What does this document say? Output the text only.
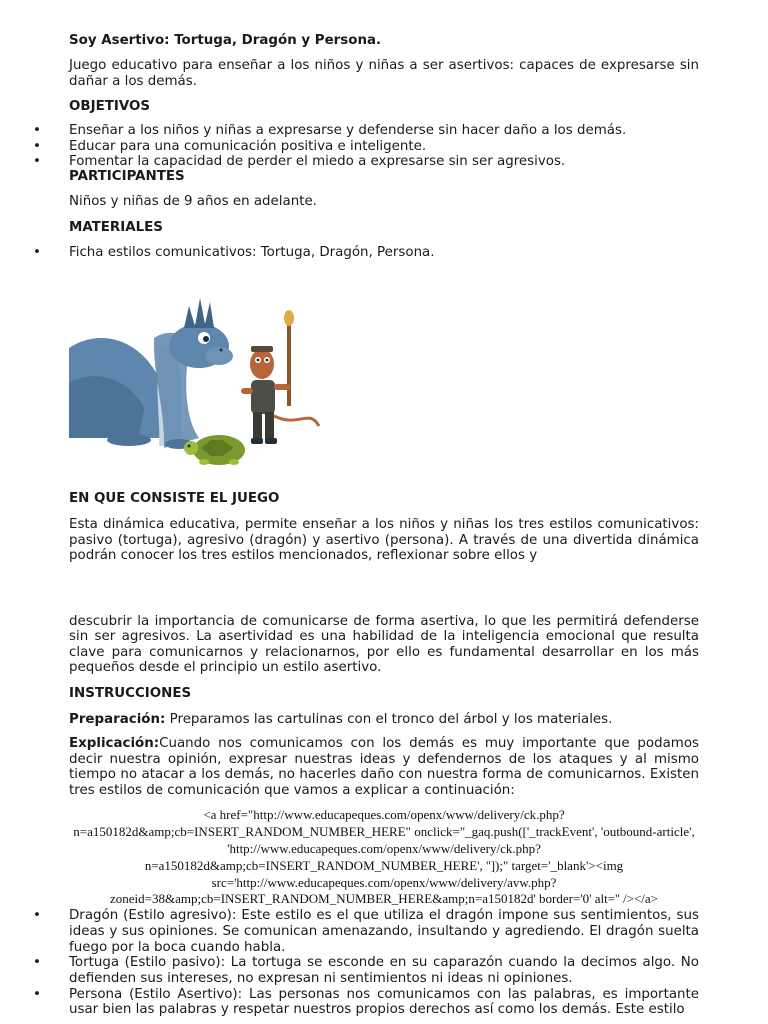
Soy Asertivo: Tortuga, Dragón y Persona.

Juego educativo para enseñar a los niños y niñas a ser asertivos: capaces de expresarse sin dañar a los demás.

OBJETIVOS

• Enseñar a los niños y niñas a expresarse y defenderse sin hacer daño a los demás.
• Educar para una comunicación positiva e inteligente.
• Fomentar la capacidad de perder el miedo a expresarse sin ser agresivos.

PARTICIPANTES

Niños y niñas de 9 años en adelante.

MATERIALES

• Ficha estilos comunicativos: Tortuga, Dragón, Persona.

EN QUE CONSISTE EL JUEGO

Esta dinámica educativa, permite enseñar a los niños y niñas los tres estilos comunicativos: pasivo (tortuga), agresivo (dragón) y asertivo (persona). A través de una divertida dinámica podrán conocer los tres estilos mencionados, reflexionar sobre ellos y

descubrir la importancia de comunicarse de forma asertiva, lo que les permitirá defenderse sin ser agresivos. La asertividad es una habilidad de la inteligencia emocional que resulta clave para comunicarnos y relacionarnos, por ello es fundamental desarrollar en los más pequeños desde el principio un estilo asertivo.

INSTRUCCIONES

Preparación: Preparamos las cartulinas con el tronco del árbol y los materiales.

Explicación:Cuando nos comunicamos con los demás es muy importante que podamos decir nuestra opinión, expresar nuestras ideas y defendernos de los ataques y al mismo tiempo no atacar a los demás, no hacerles daño con nuestra forma de comunicarnos. Existen tres estilos de comunicación que vamos a explicar a continuación:

<a href="http://www.educapeques.com/openx/www/delivery/ck.php?n=a150182d&amp;cb=INSERT_RANDOM_NUMBER_HERE" onclick="_gaq.push(['_trackEvent', 'outbound-article', 'http://www.educapeques.com/openx/www/delivery/ck.php?n=a150182d&amp;cb=INSERT_RANDOM_NUMBER_HERE', '']);" target='_blank'><img src='http://www.educapeques.com/openx/www/delivery/avw.php?zoneid=38&amp;cb=INSERT_RANDOM_NUMBER_HERE&amp;n=a150182d' border='0' alt='' /></a>

• Dragón (Estilo agresivo): Este estilo es el que utiliza el dragón impone sus sentimientos, sus ideas y sus opiniones. Se comunican amenazando, insultando y agrediendo. El dragón suelta fuego por la boca cuando habla.
• Tortuga (Estilo pasivo): La tortuga se esconde en su caparazón cuando la decimos algo. No defienden sus intereses, no expresan ni sentimientos ni ideas ni opiniones.
• Persona (Estilo Asertivo): Las personas nos comunicamos con las palabras, es importante usar bien las palabras y respetar nuestros propios derechos así como los demás. Este estilo
